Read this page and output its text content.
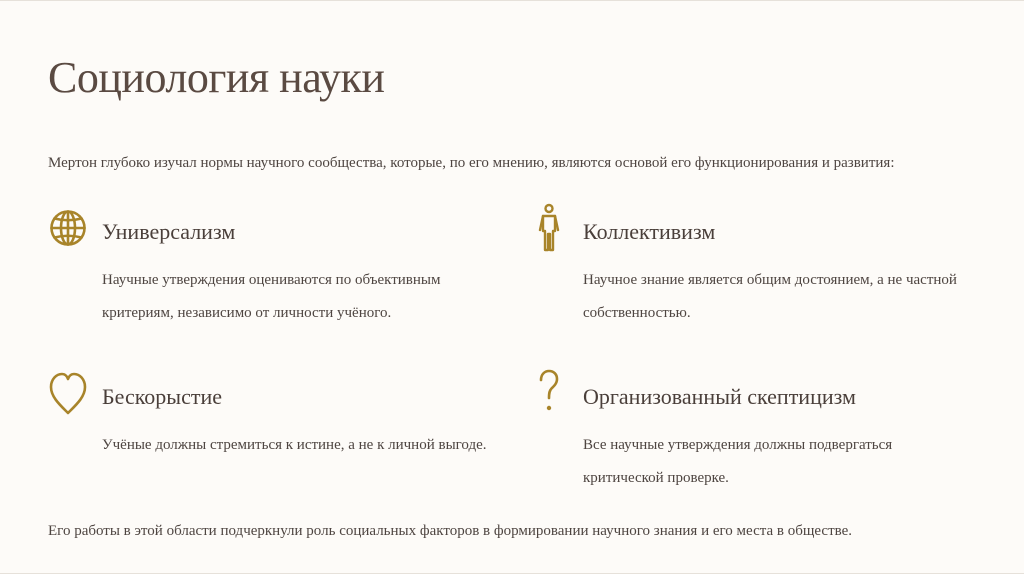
Социология науки
Мертон глубоко изучал нормы научного сообщества, которые, по его мнению, являются основой его функционирования и развития:
Универсализм
Научные утверждения оцениваются по объективным критериям, независимо от личности учёного.
Коллективизм
Научное знание является общим достоянием, а не частной собственностью.
Бескорыстие
Учёные должны стремиться к истине, а не к личной выгоде.
Организованный скептицизм
Все научные утверждения должны подвергаться критической проверке.
Его работы в этой области подчеркнули роль социальных факторов в формировании научного знания и его места в обществе.
